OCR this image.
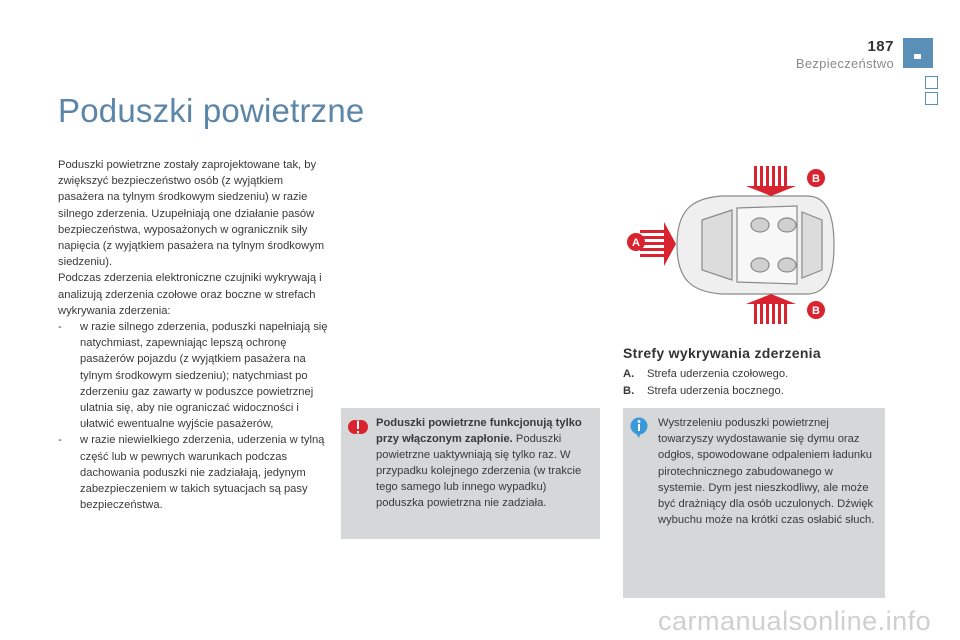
187
Bezpieczeństwo
Poduszki powietrzne

Poduszki powietrzne zostały zaprojektowane tak, by zwiększyć bezpieczeństwo osób (z wyjątkiem pasażera na tylnym środkowym siedzeniu) w razie silnego zderzenia. Uzupełniają one działanie pasów bezpieczeństwa, wyposażonych w ogranicznik siły napięcia (z wyjątkiem pasażera na tylnym środkowym siedzeniu).

Podczas zderzenia elektroniczne czujniki wykrywają i analizują zderzenia czołowe oraz boczne w strefach wykrywania zderzenia:

-	w razie silnego zderzenia, poduszki napełniają się natychmiast, zapewniając lepszą ochronę pasażerów pojazdu (z wyjątkiem pasażera na tylnym środkowym siedzeniu); natychmiast po zderzeniu gaz zawarty w poduszce powietrznej ulatnia się, aby nie ograniczać widoczności i ułatwić ewentualne wyjście pasażerów,
-	w razie niewielkiego zderzenia, uderzenia w tylną część lub w pewnych warunkach podczas dachowania poduszki nie zadziałają, jedynym zabezpieczeniem w takich sytuacjach są pasy bezpieczeństwa.
Poduszki powietrzne funkcjonują tylko przy włączonym zapłonie. Poduszki powietrzne uaktywniają się tylko raz. W przypadku kolejnego zderzenia (w trakcie tego samego lub innego wypadku) poduszka powietrzna nie zadziała.
A
B
B
Strefy wykrywania zderzenia
A.	Strefa uderzenia czołowego.
B.	Strefa uderzenia bocznego.
Wystrzeleniu poduszki powietrznej towarzyszy wydostawanie się dymu oraz odgłos, spowodowane odpaleniem ładunku pirotechnicznego zabudowanego w systemie. Dym jest nieszkodliwy, ale może być drażniący dla osób uczulonych. Dźwięk wybuchu może na krótki czas osłabić słuch.
carmanualsonline.info
